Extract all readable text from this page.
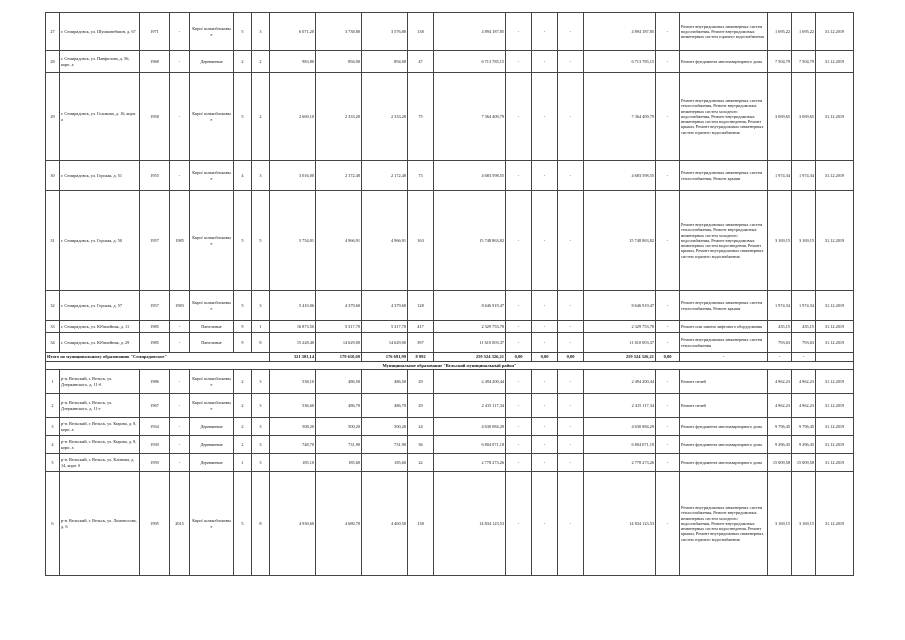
27	г. Семирадовск, ул. Шушковебшин, д. 67	1971	-	Кирп/ шлакоблоковы е	5	3	6 071,20	3 738,80	3 576,80	138	4 894 187,85	-	-	-	4 894 187,85	-	Ремонт внутридомовых инженерных систем водоснабжения, Ремонт внутридомовых инженерных систем горячего водоснабжения	1 695,22	1 695,22	31.12.2019
28	г. Семирадовск, ул. Панфилова, д. 56, корп. а	1968	-	Деревянные	2	2	983,80	894,00	894,00	47	6 713 785,15	-	-	-	6 713 785,15	-	Ремонт фундамента многоквартирного дома	7 504,79	7 504,79	31.12.2019
29	г. Семирадовск, ул. Голикова, д. 16, корп. а	1958	-	Кирп/ шлакоблоковы е	5	2	2 669,10	2 333,20	2 333,20	75	7 364 409,79	-	-	-	7 364 409,79	-	Ремонт внутридомовых инженерных систем теплоснабжения, Ремонт внутридомовых инженерных систем холодного водоснабжения, Ремонт внутридомовых инженерных систем водоотведения, Ремонт крыши, Ремонт внутридомовых инженерных систем горячего водоснабжения	3 069,65	3 069,65	31.12.2019
30	г. Семирадовск, ул. Горская, д. 51	1955	-	Кирп/ шлакоблоковы е	4	3	3 016,00	2 172,40	2 172,40	73	4 683 598,55	-	-	-	4 683 598,55	-	Ремонт внутридомовых инженерных систем теплоснабжения, Ремонт крыши	1 974,34	1 974,34	31.12.2019
31	г. Семирадовск, ул. Горская, д. 50	1957	1985	Кирп/ шлакоблоковы е	5	5	5 754,01	4 966,91	4 966,91	163	15 748 863,82	-	-	-	15 748 863,82	-	Ремонт внутридомовых инженерных систем теплоснабжения, Ремонт внутридомовых инженерных систем холодного водоснабжения, Ремонт внутридомовых инженерных систем водоотведения, Ремонт крыши, Ремонт внутридомовых инженерных систем горячего водоснабжения	3 169,15	3 169,15	31.12.2019
32	г. Семирадовск, ул. Горская, д. 57	1957	1983	Кирп/ шлакоблоковы е	5	3	5 410,06	4 379,60	4 379,60	128	8 646 919,47	-	-	-	8 646 919,47	-	Ремонт внутридомовых инженерных систем теплоснабжения, Ремонт крыши	1 974,34	1 974,34	31.12.2019
33	г. Семирадовск, ул. Юбилейная, д. 11	1985	-	Панельные	9	1	16 873,50	5 317,70	5 317,70	417	2 329 753,78	-	-	-	2 329 753,78	-	Ремонт или замена лифтового оборудования	435,15	435,15	31.12.2019
34	г. Семирадовск, ул. Юбилейная, д. 29	1985	-	Панельные	9	8	15 228,40	14 629,00	14 629,00	397	11 610 003,37	-	-	-	11 610 003,37	-	Ремонт внутридомовых инженерных систем теплоснабжения	793,63	793,63	31.12.2019
Итого по муниципальному образованию "Семирадовское"							321 303,14	179 610,69	176 691,99	8 992	259 524 326,21	0,00	0,00	0,00	259 524 326,21	0,00	-	-	-	
Муниципальное образование "Вельский муниципальный район"																				
1	р-н. Вельский, г. Вельск, ул. Дзержинского, д. 11-б	1986	-	Кирп/ шлакоблоковы е	2	3	538,10	486,50	486,50	29	2 494 200,44	-	-	-	2 494 200,44	-	Ремонт печей	4 962,23	4 962,23	31.12.2019
2	р-н. Вельский, г. Вельск, ул. Дзержинского, д. 11-г	1967	-	Кирп/ шлакоблоковы е	2	3	536,60	486,70	486,70	29	2 415 117,34	-	-	-	2 415 117,34	-	Ремонт печей	4 962,23	4 962,23	31.12.2019
3	р-н. Вельский, г. Вельск, ул. Кирова, д. 8, корп. а	1934	-	Деревянные	2	3	508,20	500,20	500,20	24	4 630 084,29	-	-	-	4 630 084,29	-	Ремонт фундамента многоквартирного дома	9 796,45	9 796,45	31.12.2019
4	р-н. Вельский, г. Вельск, ул. Кирова, д. 8, корп. а	1939	-	Деревянные	2	3	748,70	731,90	731,90	36	6 804 071,18	-	-	-	6 804 071,18	-	Ремонт фундамента многоквартирного дома	9 296,45	9 296,45	31.12.2019
5	р-н. Вельский, г. Вельск, ул. Клинова, д. 14, корп. б	1959	-	Деревянные	1	3	185,10	185,60	185,60	22	2 778 273,26	-	-	-	2 778 273,26	-	Ремонт фундамента многоквартирного дома	15 009,58	15 009,58	31.12.2019
6	р-н. Вельский, г. Вельск, ул. Ломоносова, д. 6	1995	2015	Кирп/ шлакоблоковы е	5	8	4 930,60	4 680,70	4 460,50	138	14 834 123,53	-	-	-	14 834 123,53	-	Ремонт внутридомовых инженерных систем теплоснабжения, Ремонт внутридомовых инженерных систем холодного водоснабжения, Ремонт внутридомовых инженерных систем водоотведения, Ремонт крыши, Ремонт внутридомовых инженерных систем горячего водоснабжения	3 169,15	3 169,15	31.12.2019
